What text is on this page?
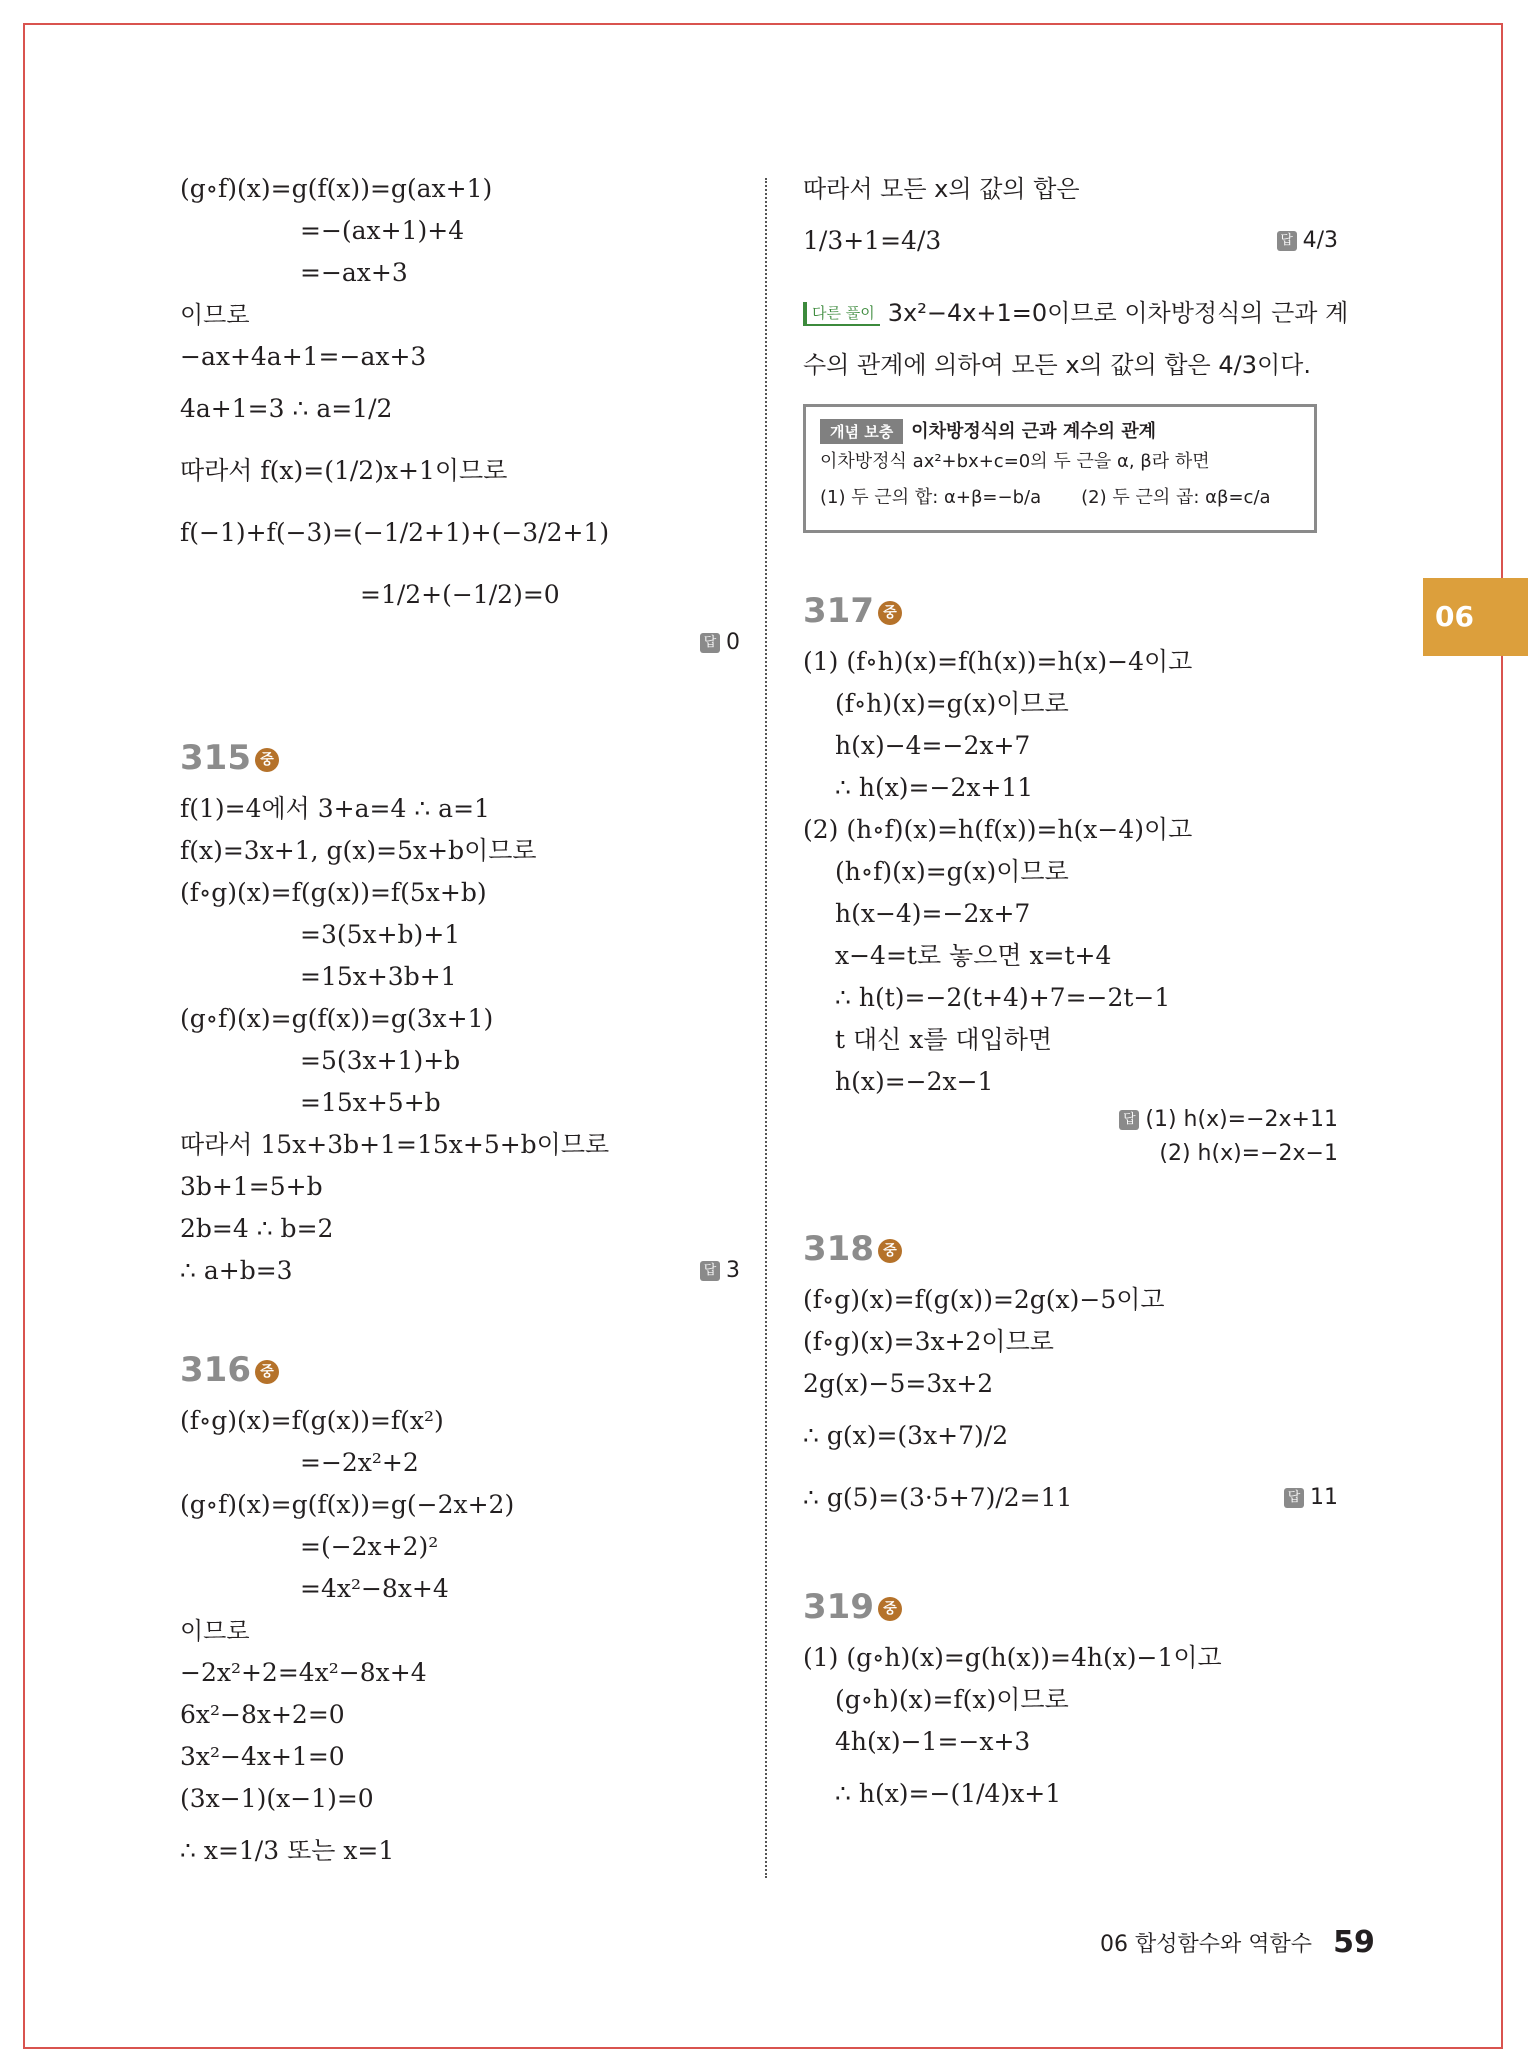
(g∘f)(x)=g(f(x))=g(ax+1)
=−(ax+1)+4
=−ax+3
이므로
−ax+4a+1=−ax+3
4a+1=3 ∴ a=1/2
따라서 f(x)=(1/2)x+1이므로
f(−1)+f(−3)=(−1/2+1)+(−3/2+1)
=1/2+(−1/2)=0
답 0
315 중
f(1)=4에서 3+a=4 ∴ a=1
f(x)=3x+1, g(x)=5x+b이므로
(f∘g)(x)=f(g(x))=f(5x+b)
=3(5x+b)+1
=15x+3b+1
(g∘f)(x)=g(f(x))=g(3x+1)
=5(3x+1)+b
=15x+5+b
따라서 15x+3b+1=15x+5+b이므로
3b+1=5+b
2b=4 ∴ b=2
∴ a+b=3	답 3
316 중
(f∘g)(x)=f(g(x))=f(x²)
=−2x²+2
(g∘f)(x)=g(f(x))=g(−2x+2)
=(−2x+2)²
=4x²−8x+4
이므로
−2x²+2=4x²−8x+4
6x²−8x+2=0
3x²−4x+1=0
(3x−1)(x−1)=0
∴ x=1/3 또는 x=1
따라서 모든 x의 값의 합은
1/3+1=4/3	답 4/3
다른 풀이 3x²−4x+1=0이므로 이차방정식의 근과 계
수의 관계에 의하여 모든 x의 값의 합은 4/3이다.
개념 보충 이차방정식의 근과 계수의 관계
이차방정식 ax²+bx+c=0의 두 근을 α, β라 하면
(1) 두 근의 합: α+β=−b/a (2) 두 근의 곱: αβ=c/a
317 중
(1) (f∘h)(x)=f(h(x))=h(x)−4이고
(f∘h)(x)=g(x)이므로
h(x)−4=−2x+7
∴ h(x)=−2x+11
(2) (h∘f)(x)=h(f(x))=h(x−4)이고
(h∘f)(x)=g(x)이므로
h(x−4)=−2x+7
x−4=t로 놓으면 x=t+4
∴ h(t)=−2(t+4)+7=−2t−1
t 대신 x를 대입하면
h(x)=−2x−1
답 (1) h(x)=−2x+11
(2) h(x)=−2x−1
318 중
(f∘g)(x)=f(g(x))=2g(x)−5이고
(f∘g)(x)=3x+2이므로
2g(x)−5=3x+2
∴ g(x)=(3x+7)/2
∴ g(5)=(3·5+7)/2=11	답 11
319 중
(1) (g∘h)(x)=g(h(x))=4h(x)−1이고
(g∘h)(x)=f(x)이므로
4h(x)−1=−x+3
∴ h(x)=−(1/4)x+1
06
06 합성함수와 역함수 59
